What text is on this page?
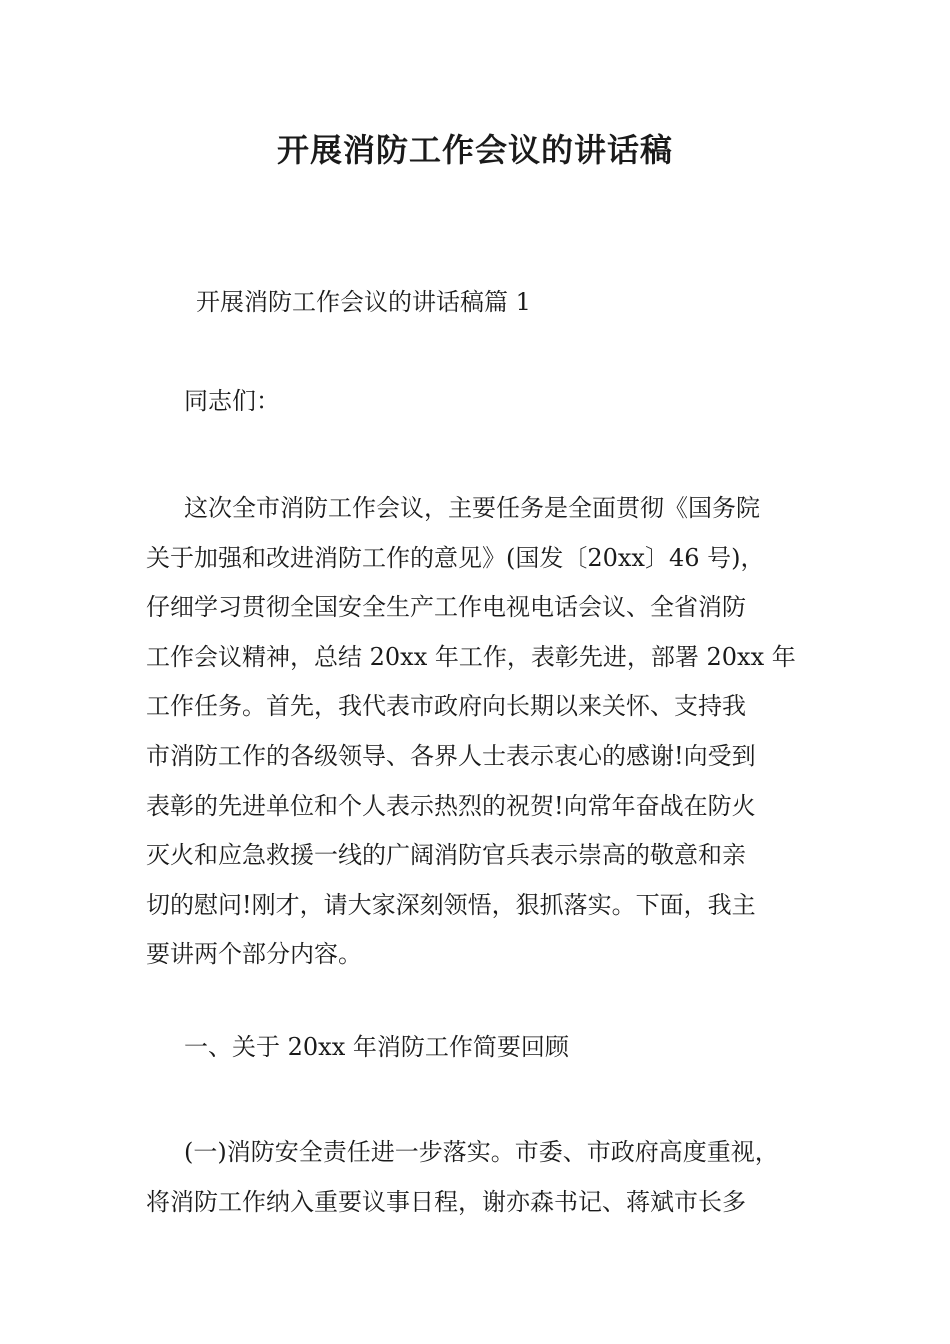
开展消防工作会议的讲话稿
开展消防工作会议的讲话稿篇 1
同志们：
　　这次全市消防工作会议，主要任务是全面贯彻《国务院
关于加强和改进消防工作的意见》(国发〔20xx〕46 号)，
仔细学习贯彻全国安全生产工作电视电话会议、全省消防
工作会议精神，总结 20xx 年工作，表彰先进，部署 20xx 年
工作任务。首先，我代表市政府向长期以来关怀、支持我
市消防工作的各级领导、各界人士表示衷心的感谢!向受到
表彰的先进单位和个人表示热烈的祝贺!向常年奋战在防火
灭火和应急救援一线的广阔消防官兵表示崇高的敬意和亲
切的慰问!刚才，请大家深刻领悟，狠抓落实。下面，我主
要讲两个部分内容。
一、关于 20xx 年消防工作简要回顾
　　(一)消防安全责任进一步落实。市委、市政府高度重视，
将消防工作纳入重要议事日程，谢亦森书记、蒋斌市长多
